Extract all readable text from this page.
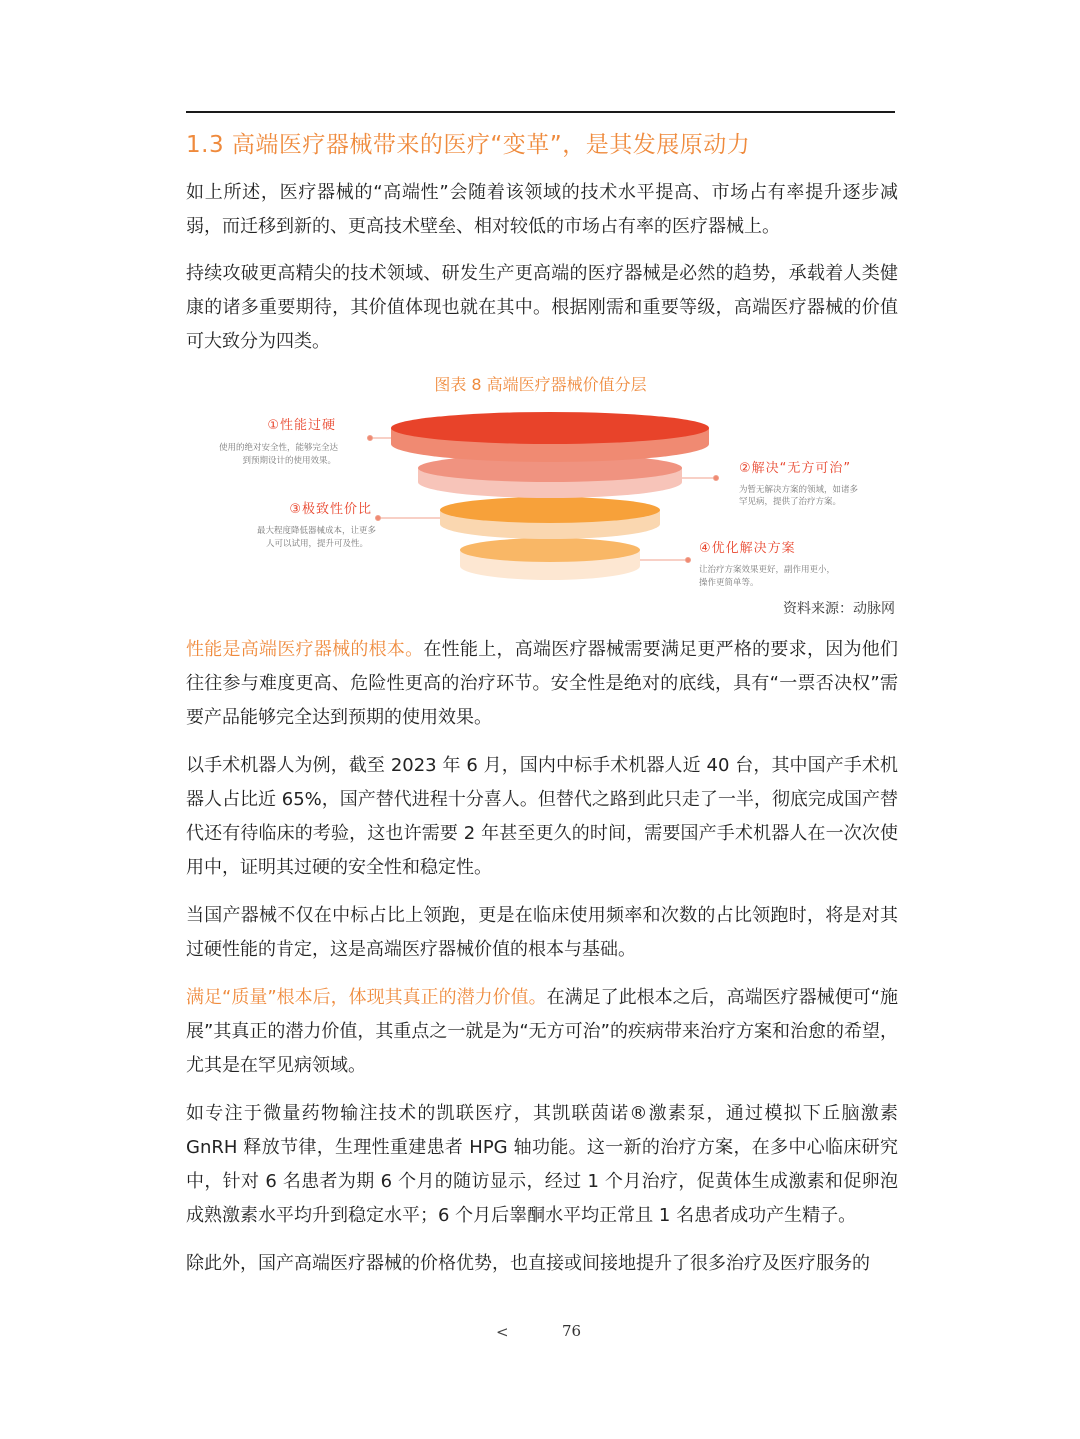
1.3 高端医疗器械带来的医疗“变革”，是其发展原动力
如上所述，医疗器械的“高端性”会随着该领域的技术水平提高、市场占有率提升逐步减弱，而迁移到新的、更高技术壁垒、相对较低的市场占有率的医疗器械上。
持续攻破更高精尖的技术领域、研发生产更高端的医疗器械是必然的趋势，承载着人类健康的诸多重要期待，其价值体现也就在其中。根据刚需和重要等级，高端医疗器械的价值可大致分为四类。
图表 8 高端医疗器械价值分层
①性能过硬
使用的绝对安全性，能够完全达
到预期设计的使用效果。	②解决“无方可治”
为暂无解决方案的领域，如诸多
罕见病，提供了治疗方案。
③极致性价比
最大程度降低器械成本，让更多
人可以试用，提升可及性。	④优化解决方案
让治疗方案效果更好，副作用更小，
操作更简单等。
资料来源：动脉网
性能是高端医疗器械的根本。在性能上，高端医疗器械需要满足更严格的要求，因为他们往往参与难度更高、危险性更高的治疗环节。安全性是绝对的底线，具有“一票否决权”需要产品能够完全达到预期的使用效果。
以手术机器人为例，截至 2023 年 6 月，国内中标手术机器人近 40 台，其中国产手术机器人占比近 65%，国产替代进程十分喜人。但替代之路到此只走了一半，彻底完成国产替代还有待临床的考验，这也许需要 2 年甚至更久的时间，需要国产手术机器人在一次次使用中，证明其过硬的安全性和稳定性。
当国产器械不仅在中标占比上领跑，更是在临床使用频率和次数的占比领跑时，将是对其过硬性能的肯定，这是高端医疗器械价值的根本与基础。
满足“质量”根本后，体现其真正的潜力价值。在满足了此根本之后，高端医疗器械便可“施展”其真正的潜力价值，其重点之一就是为“无方可治”的疾病带来治疗方案和治愈的希望，尤其是在罕见病领域。
如专注于微量药物输注技术的凯联医疗，其凯联茵诺®激素泵，通过模拟下丘脑激素 GnRH 释放节律，生理性重建患者 HPG 轴功能。这一新的治疗方案，在多中心临床研究中，针对 6 名患者为期 6 个月的随访显示，经过 1 个月治疗，促黄体生成激素和促卵泡成熟激素水平均升到稳定水平；6 个月后睾酮水平均正常且 1 名患者成功产生精子。
除此外，国产高端医疗器械的价格优势，也直接或间接地提升了很多治疗及医疗服务的
<	76
